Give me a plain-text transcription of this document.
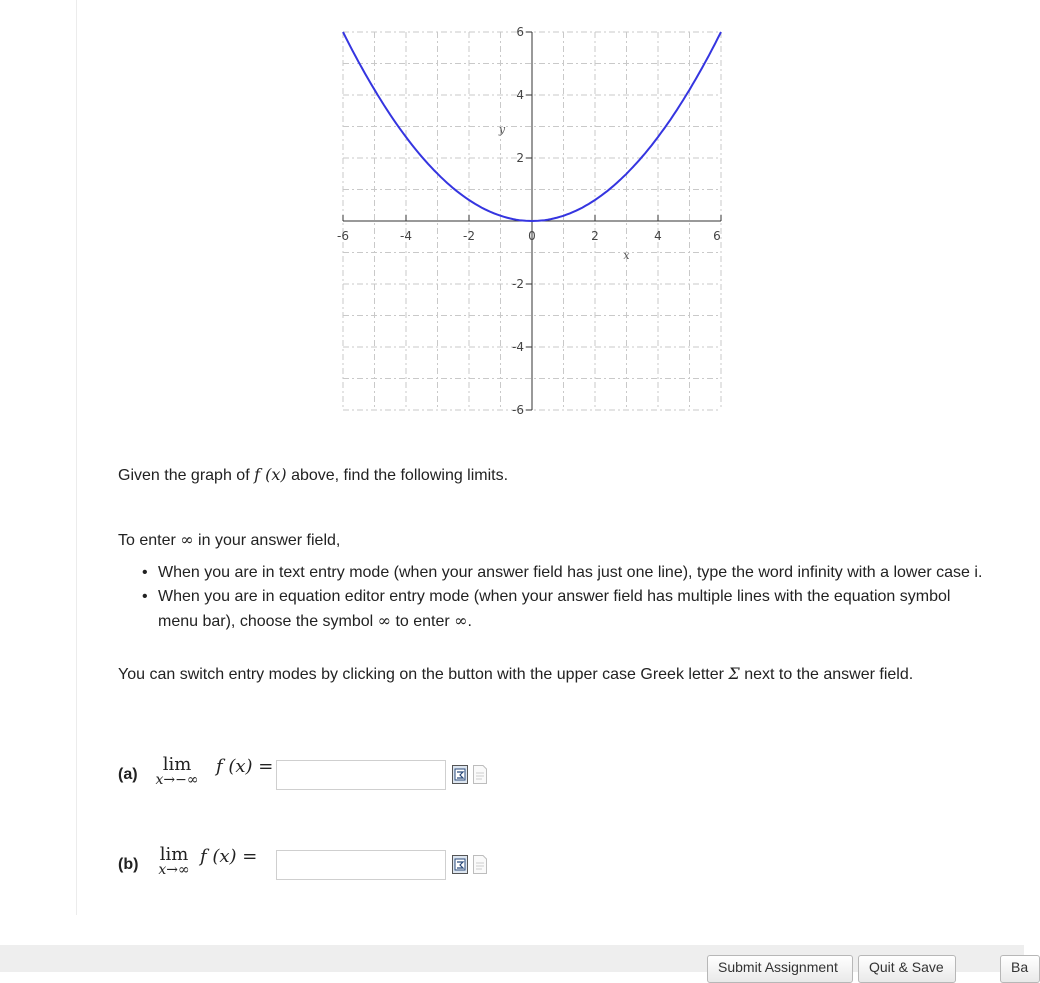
-6	-4	-2	0	2	4	6
2
4
6
-2
-4
-6
x
y
Given the graph of f (x) above, find the following limits.
To enter ∞ in your answer field,
• When you are in text entry mode (when your answer field has just one line), type the word infinity with a lower case i.
• When you are in equation editor entry mode (when your answer field has multiple lines with the equation symbol menu bar), choose the symbol ∞ to enter ∞.
You can switch entry modes by clicking on the button with the upper case Greek letter Σ next to the answer field.
(a)	lim
x→−∞
f (x) =
(b)	lim
x→∞
f (x) =
Submit Assignment	Quit & Save	Ba
